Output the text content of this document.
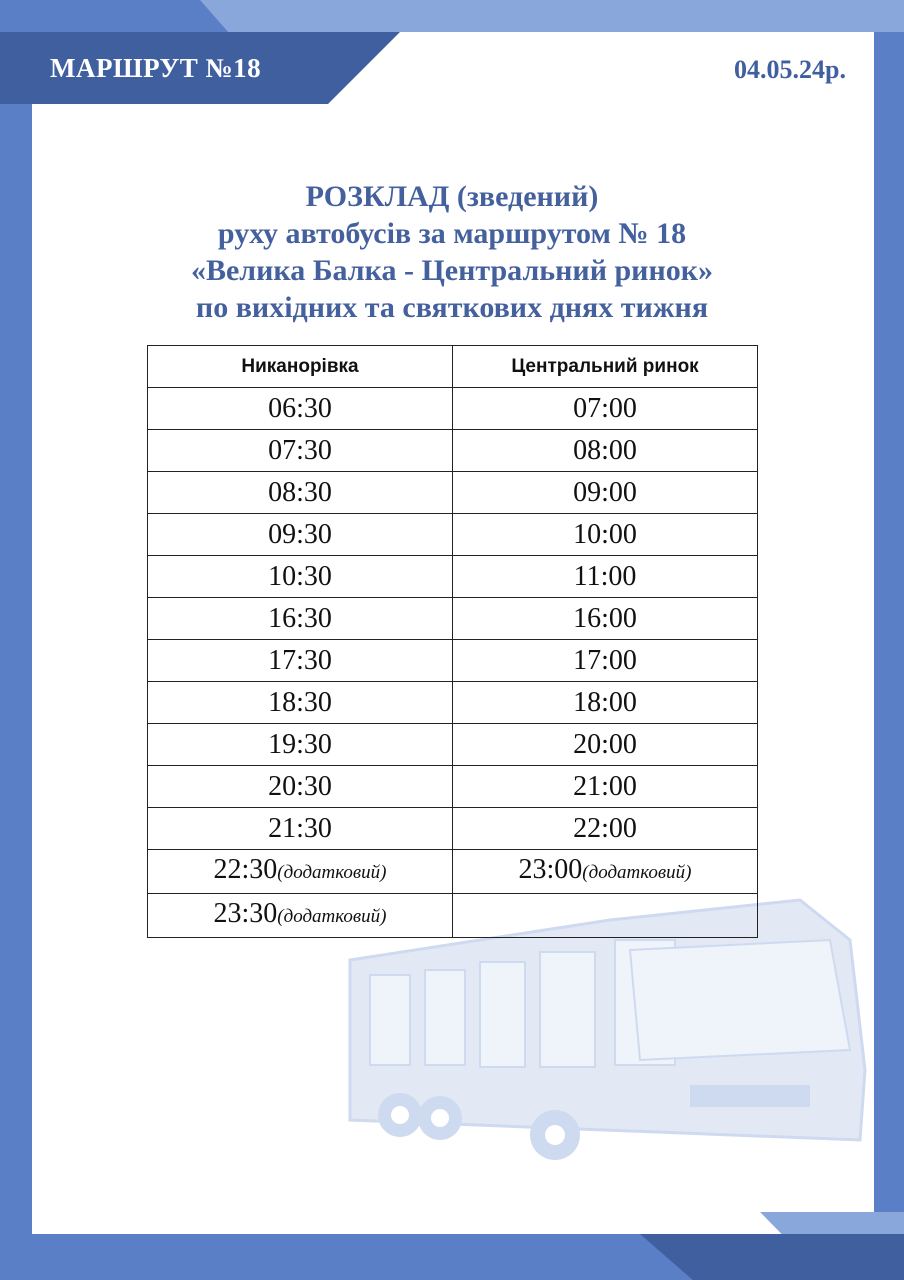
МАРШРУТ №18	04.05.24р.
РОЗКЛАД (зведений)
руху автобусів за маршрутом № 18
«Велика Балка - Центральний ринок»
по вихідних та святкових днях тижня
Никанорівка	Центральний ринок
06:30	07:00
07:30	08:00
08:30	09:00
09:30	10:00
10:30	11:00
16:30	16:00
17:30	17:00
18:30	18:00
19:30	20:00
20:30	21:00
21:30	22:00
22:30(додатковий)	23:00(додатковий)
23:30(додатковий)	
